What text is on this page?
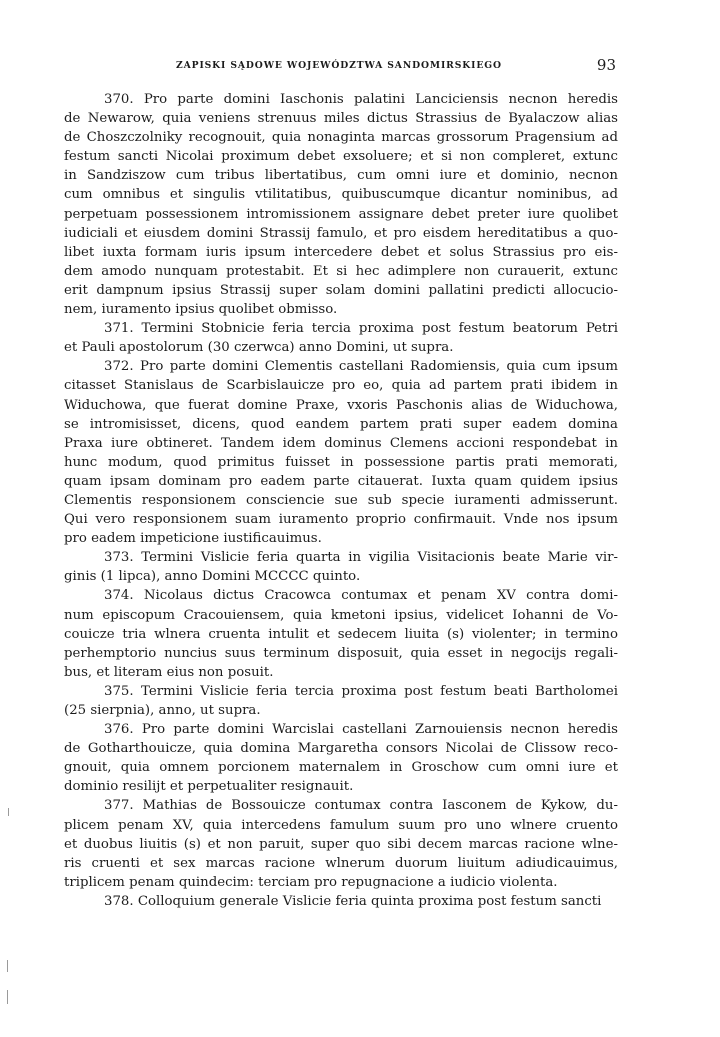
ZAPISKI SĄDOWE WOJEWÓDZTWA SANDOMIRSKIEGO	93
370. Pro parte domini Iaschonis palatini Lanciciensis necnon heredis
de Newarow, quia veniens strenuus miles dictus Strassius de Byalaczow alias
de Choszczolniky recognouit, quia nonaginta marcas grossorum Pragensium ad
festum sancti Nicolai proximum debet exsoluere; et si non compleret, extunc
in Sandziszow cum tribus libertatibus, cum omni iure et dominio, necnon
cum omnibus et singulis vtilitatibus, quibuscumque dicantur nominibus, ad
perpetuam possessionem intromissionem assignare debet preter iure quolibet
iudiciali et eiusdem domini Strassij famulo, et pro eisdem hereditatibus a quo-
libet iuxta formam iuris ipsum intercedere debet et solus Strassius pro eis-
dem amodo nunquam protestabit. Et si hec adimplere non curauerit, extunc
erit dampnum ipsius Strassij super solam domini pallatini predicti allocucio-
nem, iuramento ipsius quolibet obmisso.
371. Termini Stobnicie feria tercia proxima post festum beatorum Petri
et Pauli apostolorum (30 czerwca) anno Domini, ut supra.
372. Pro parte domini Clementis castellani Radomiensis, quia cum ipsum
citasset Stanislaus de Scarbislauicze pro eo, quia ad partem prati ibidem in
Widuchowa, que fuerat domine Praxe, vxoris Paschonis alias de Widuchowa,
se intromisisset, dicens, quod eandem partem prati super eadem domina
Praxa iure obtineret. Tandem idem dominus Clemens accioni respondebat in
hunc modum, quod primitus fuisset in possessione partis prati memorati,
quam ipsam dominam pro eadem parte citauerat. Iuxta quam quidem ipsius
Clementis responsionem consciencie sue sub specie iuramenti admisserunt.
Qui vero responsionem suam iuramento proprio confirmauit. Vnde nos ipsum
pro eadem impeticione iustificauimus.
373. Termini Vislicie feria quarta in vigilia Visitacionis beate Marie vir-
ginis (1 lipca), anno Domini MCCCC quinto.
374. Nicolaus dictus Cracowca contumax et penam XV contra domi-
num episcopum Cracouiensem, quia kmetoni ipsius, videlicet Iohanni de Vo-
couicze tria wlnera cruenta intulit et sedecem liuita (s) violenter; in termino
perhemptorio nuncius suus terminum disposuit, quia esset in negocijs regali-
bus, et literam eius non posuit.
375. Termini Vislicie feria tercia proxima post festum beati Bartholomei
(25 sierpnia), anno, ut supra.
376. Pro parte domini Warcislai castellani Zarnouiensis necnon heredis
de Gotharthouicze, quia domina Margaretha consors Nicolai de Clissow reco-
gnouit, quia omnem porcionem maternalem in Groschow cum omni iure et
dominio resilijt et perpetualiter resignauit.
377. Mathias de Bossouicze contumax contra Iasconem de Kykow, du-
plicem penam XV, quia intercedens famulum suum pro uno wlnere cruento
et duobus liuitis (s) et non paruit, super quo sibi decem marcas racione wlne-
ris cruenti et sex marcas racione wlnerum duorum liuitum adiudicauimus,
triplicem penam quindecim: terciam pro repugnacione a iudicio violenta.
378. Colloquium generale Vislicie feria quinta proxima post festum sancti
